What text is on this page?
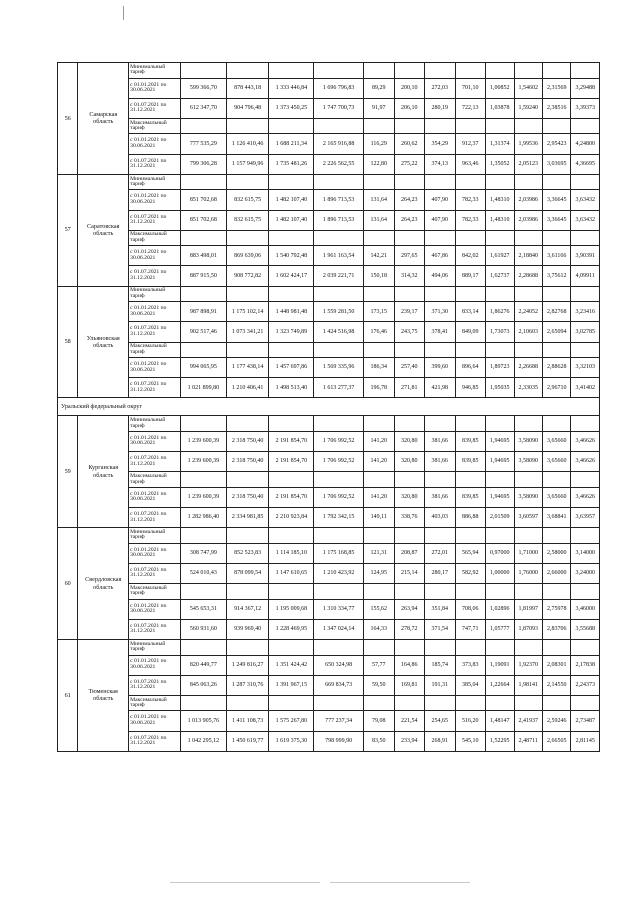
56	Самарская область	Минимальный тариф												
		с 01.01.2021 по 30.06.2021	599 366,70	878 443,18	1 333 446,84	1 696 796,83	89,29	200,10	272,03	701,10	1,00852	1,54602	2,31569	3,29488
		с 01.07.2021 по 31.12.2021	612 347,70	904 796,48	1 373 450,25	1 747 700,73	91,97	206,10	280,19	722,13	1,03878	1,59240	2,38516	3,39373
		Максимальный тариф												
		с 01.01.2021 по 30.06.2021	777 535,29	1 126 410,46	1 688 211,34	2 165 916,88	116,29	260,62	354,29	912,37	1,31374	1,99536	2,95423	4,24800
		с 01.07.2021 по 31.12.2021	799 306,28	1 157 949,96	1 735 481,26	2 226 562,55	122,80	275,22	374,13	963,46	1,35052	2,05123	3,03695	4,36695
57	Саратовская область	Минимальный тариф												
		с 01.01.2021 по 30.06.2021	851 702,68	832 615,75	1 482 107,40	1 896 713,53	131,64	264,23	407,90	782,33	1,48310	2,03986	3,36645	3,63432
		с 01.07.2021 по 31.12.2021	851 702,68	832 615,75	1 482 107,40	1 896 713,53	131,64	264,23	407,90	782,33	1,48310	2,03986	3,36645	3,63432
		Максимальный тариф												
		с 01.01.2021 по 30.06.2021	883 498,01	869 639,06	1 540 792,48	1 961 163,54	142,21	297,65	467,86	842,02	1,61927	2,18840	3,61166	3,90391
		с 01.07.2021 по 31.12.2021	887 915,50	908 772,82	1 602 424,17	2 039 221,71	150,18	314,32	494,06	889,17	1,62737	2,28688	3,75612	4,09911
58	Ульяновская область	Минимальный тариф												
		с 01.01.2021 по 30.06.2021	987 898,91	1 175 102,14	1 448 981,48	1 559 281,50	173,15	239,17	371,30	833,14	1,86276	2,24052	2,82768	3,23416
		с 01.07.2021 по 31.12.2021	902 517,46	1 073 341,21	1 323 749,89	1 424 516,98	176,46	243,75	378,41	849,09	1,73073	2,10603	2,65094	3,02785
		Максимальный тариф												
		с 01.01.2021 по 30.06.2021	994 065,95	1 177 438,14	1 457 697,86	1 569 335,96	186,34	257,40	399,60	896,64	1,89723	2,26688	2,88628	3,32103
		с 01.07.2021 по 31.12.2021	1 021 899,80	1 210 406,41	1 498 513,40	1 613 277,37	196,78	271,81	421,98	946,85	1,95035	2,33035	2,96710	3,41402
Уральский федеральный округ														
59	Курганская область	Минимальный тариф												
		с 01.01.2021 по 30.06.2021	1 239 600,39	2 318 750,40	2 191 854,70	1 706 992,52	141,20	320,80	381,66	839,85	1,94695	3,58090	3,65660	3,46626
		с 01.07.2021 по 31.12.2021	1 239 600,39	2 318 750,40	2 191 854,70	1 706 992,52	141,20	320,80	381,66	839,85	1,94695	3,58090	3,65660	3,46626
		Максимальный тариф												
		с 01.01.2021 по 30.06.2021	1 239 600,39	2 318 750,40	2 191 854,70	1 706 992,52	141,20	320,80	381,66	839,85	1,94695	3,58090	3,65660	3,46626
		с 01.07.2021 по 31.12.2021	1 282 986,40	2 334 981,85	2 210 923,84	1 792 342,15	149,11	338,76	403,03	886,88	2,01509	3,60597	3,68841	3,63957
60	Свердловская область	Минимальный тариф												
		с 01.01.2021 по 30.06.2021	308 747,99	852 523,83	1 114 185,10	1 175 168,85	121,31	208,87	272,01	565,94	0,97000	1,71000	2,58000	3,14000
		с 01.07.2021 по 31.12.2021	524 010,43	878 099,54	1 147 610,65	1 210 423,92	124,95	215,14	280,17	582,92	1,00000	1,76000	2,66000	3,24000
		Максимальный тариф												
		с 01.01.2021 по 30.06.2021	545 653,31	914 367,12	1 195 009,68	1 310 334,77	155,62	263,94	351,84	708,06	1,02896	1,81997	2,75978	3,46000
		с 01.07.2021 по 31.12.2021	560 931,60	939 969,40	1 228 469,95	1 347 024,14	164,33	278,72	371,54	747,71	1,05777	1,87093	2,83706	3,55688
61	Тюменская область	Минимальный тариф												
		с 01.01.2021 по 30.06.2021	820 449,77	1 249 816,27	1 351 424,42	650 324,98	57,77	164,86	185,74	373,83	1,19091	1,92370	2,08301	2,17838
		с 01.07.2021 по 31.12.2021	845 063,26	1 287 310,76	1 391 967,15	669 834,73	59,50	169,81	191,31	385,04	1,22664	1,98141	2,14550	2,24373
		Максимальный тариф												
		с 01.01.2021 по 30.06.2021	1 013 905,76	1 411 108,73	1 575 267,80	777 237,34	79,08	221,54	254,65	516,20	1,48147	2,41937	2,59246	2,73487
		с 01.07.2021 по 31.12.2021	1 042 295,12	1 450 619,77	1 619 375,30	798 999,90	83,50	233,94	268,91	545,10	1,52295	2,48711	2,66505	2,81145
